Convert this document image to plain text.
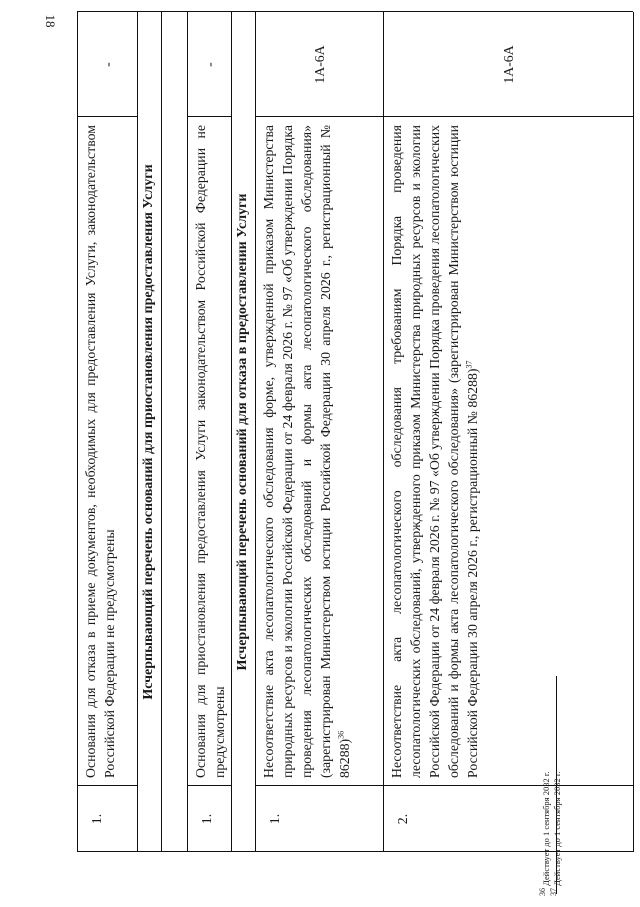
18
1.
Основания для отказа в приеме документов, необходимых для предоставления Услуги, законодательством Российской Федерации не предусмотрены
-
Исчерпывающий перечень оснований для приостановления предоставления Услуги
1.
Основания для приостановления предоставления Услуги законодательством Российской Федерации не предусмотрены
-
Исчерпывающий перечень оснований для отказа в предоставлении Услуги
1.
Несоответствие акта лесопатологического обследования форме, утвержденной приказом Министерства природных ресурсов и экологии Российской Федерации от 24 февраля 2026 г. № 97 «Об утверждении Порядка проведения лесопатологических обследований и формы акта лесопатологического обследования» (зарегистрирован Министерством юстиции Российской Федерации 30 апреля 2026 г., регистрационный № 86288)$^{36}$
1А-6А
2.
Несоответствие акта лесопатологического обследования требованиям Порядка проведения лесопатологических обследований, утвержденного приказом Министерства природных ресурсов и экологии Российской Федерации от 24 февраля 2026 г. № 97 «Об утверждении Порядка проведения лесопатологических обследований и формы акта лесопатологического обследования» (зарегистрирован Министерством юстиции Российской Федерации 30 апреля 2026 г., регистрационный № 86288)$^{37}$
1А-6А
$^{36}$ Действует до 1 сентября 2032 г.
$^{37}$ Действует до 1 сентября 2032 г.
